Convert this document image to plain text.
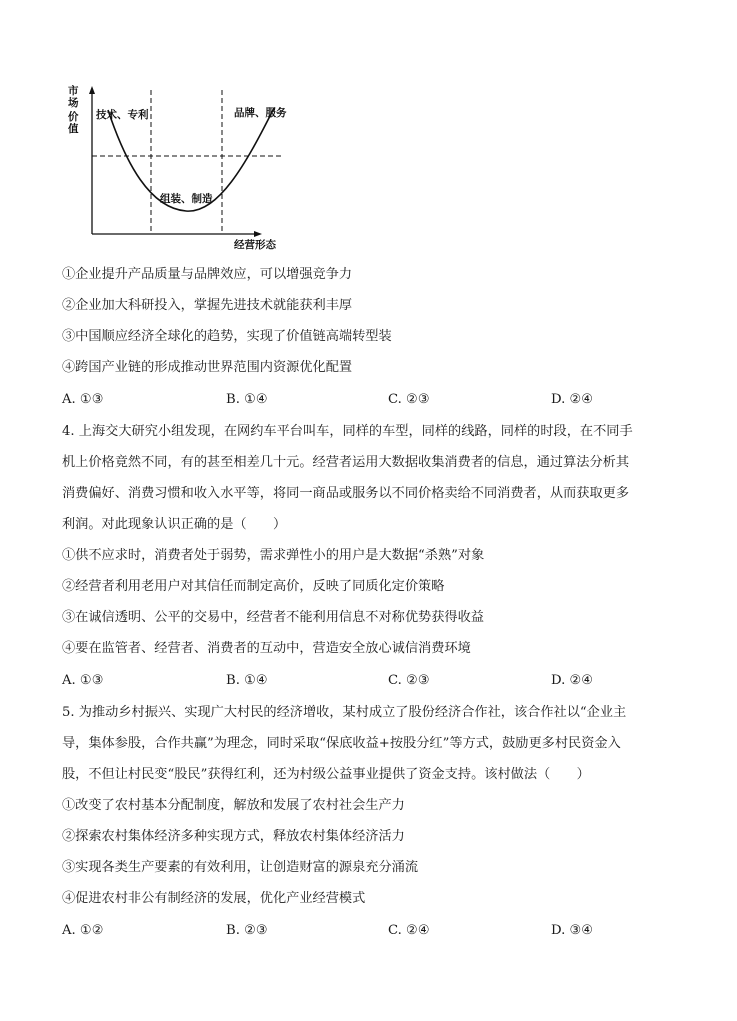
市
场
价
值
技术、专利	品牌、服务
组装、制造
经营形态
①企业提升产品质量与品牌效应，可以增强竞争力
②企业加大科研投入，掌握先进技术就能获利丰厚
③中国顺应经济全球化的趋势，实现了价值链高端转型装
④跨国产业链的形成推动世界范围内资源优化配置
A. ①③	B. ①④	C. ②③	D. ②④
4. 上海交大研究小组发现，在网约车平台叫车，同样的车型，同样的线路，同样的时段，在不同手
机上价格竟然不同，有的甚至相差几十元。经营者运用大数据收集消费者的信息，通过算法分析其
消费偏好、消费习惯和收入水平等，将同一商品或服务以不同价格卖给不同消费者，从而获取更多
利润。对此现象认识正确的是（　　）
①供不应求时，消费者处于弱势，需求弹性小的用户是大数据“杀熟”对象
②经营者利用老用户对其信任而制定高价，反映了同质化定价策略
③在诚信透明、公平的交易中，经营者不能利用信息不对称优势获得收益
④要在监管者、经营者、消费者的互动中，营造安全放心诚信消费环境
A. ①③	B. ①④	C. ②③	D. ②④
5. 为推动乡村振兴、实现广大村民的经济增收，某村成立了股份经济合作社，该合作社以“企业主
导，集体参股，合作共赢”为理念，同时采取“保底收益+按股分红”等方式，鼓励更多村民资金入
股，不但让村民变“股民”获得红利，还为村级公益事业提供了资金支持。该村做法（　　）
①改变了农村基本分配制度，解放和发展了农村社会生产力
②探索农村集体经济多种实现方式，释放农村集体经济活力
③实现各类生产要素的有效利用，让创造财富的源泉充分涌流
④促进农村非公有制经济的发展，优化产业经营模式
A. ①②	B. ②③	C. ②④	D. ③④
